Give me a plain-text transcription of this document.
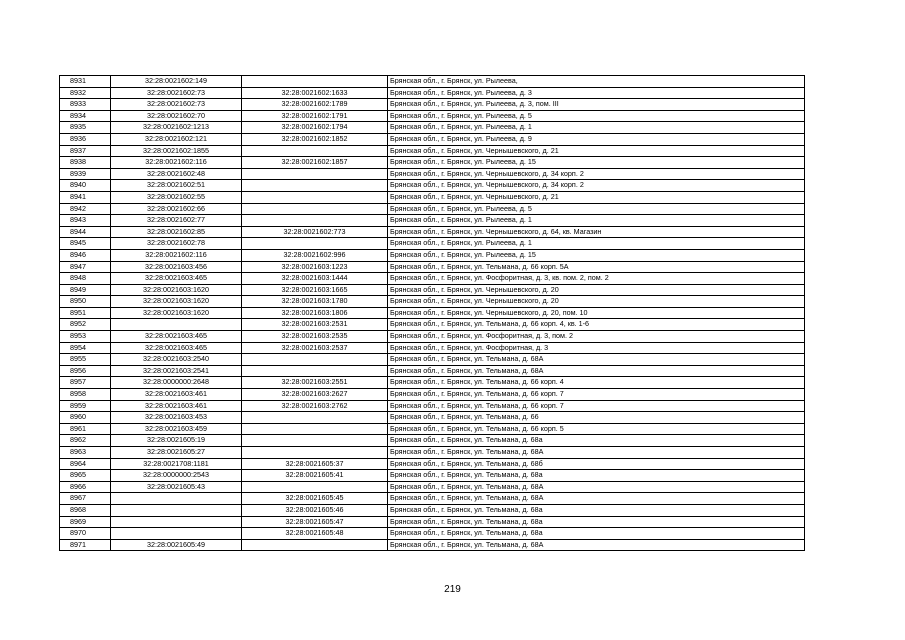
8931	32:28:0021602:149		Брянская обл., г. Брянск, ул. Рылеева,
8932	32:28:0021602:73	32:28:0021602:1633	Брянская обл., г. Брянск, ул. Рылеева, д. 3
8933	32:28:0021602:73	32:28:0021602:1789	Брянская обл., г. Брянск, ул. Рылеева, д. 3, пом. III
8934	32:28:0021602:70	32:28:0021602:1791	Брянская обл., г. Брянск, ул. Рылеева, д. 5
8935	32:28:0021602:1213	32:28:0021602:1794	Брянская обл., г. Брянск, ул. Рылеева, д. 1
8936	32:28:0021602:121	32:28:0021602:1852	Брянская обл., г. Брянск, ул. Рылеева, д. 9
8937	32:28:0021602:1855		Брянская обл., г. Брянск, ул. Чернышевского, д. 21
8938	32:28:0021602:116	32:28:0021602:1857	Брянская обл., г. Брянск, ул. Рылеева, д. 15
8939	32:28:0021602:48		Брянская обл., г. Брянск, ул. Чернышевского, д. 34 корп. 2
8940	32:28:0021602:51		Брянская обл., г. Брянск, ул. Чернышевского, д. 34 корп. 2
8941	32:28:0021602:55		Брянская обл., г. Брянск, ул. Чернышевского, д. 21
8942	32:28:0021602:66		Брянская обл., г. Брянск, ул. Рылеева, д. 5
8943	32:28:0021602:77		Брянская обл., г. Брянск, ул. Рылеева, д. 1
8944	32:28:0021602:85	32:28:0021602:773	Брянская обл., г. Брянск, ул. Чернышевского, д. 64, кв. Магазин
8945	32:28:0021602:78		Брянская обл., г. Брянск, ул. Рылеева, д. 1
8946	32:28:0021602:116	32:28:0021602:996	Брянская обл., г. Брянск, ул. Рылеева, д. 15
8947	32:28:0021603:456	32:28:0021603:1223	Брянская обл., г. Брянск, ул. Тельмана, д. 66 корп. 5А
8948	32:28:0021603:465	32:28:0021603:1444	Брянская обл., г. Брянск, ул. Фосфоритная, д. 3, кв. пом. 2, пом. 2
8949	32:28:0021603:1620	32:28:0021603:1665	Брянская обл., г. Брянск, ул. Чернышевского, д. 20
8950	32:28:0021603:1620	32:28:0021603:1780	Брянская обл., г. Брянск, ул. Чернышевского, д. 20
8951	32:28:0021603:1620	32:28:0021603:1806	Брянская обл., г. Брянск, ул. Чернышевского, д. 20, пом. 10
8952		32:28:0021603:2531	Брянская обл., г. Брянск, ул. Тельмана, д. 66 корп. 4, кв. 1-6
8953	32:28:0021603:465	32:28:0021603:2535	Брянская обл., г. Брянск, ул. Фосфоритная, д. 3, пом. 2
8954	32:28:0021603:465	32:28:0021603:2537	Брянская обл., г. Брянск, ул. Фосфоритная, д. 3
8955	32:28:0021603:2540		Брянская обл., г. Брянск, ул. Тельмана, д. 68А
8956	32:28:0021603:2541		Брянская обл., г. Брянск, ул. Тельмана, д. 68А
8957	32:28:0000000:2648	32:28:0021603:2551	Брянская обл., г. Брянск, ул. Тельмана, д. 66 корп. 4
8958	32:28:0021603:461	32:28:0021603:2627	Брянская обл., г. Брянск, ул. Тельмана, д. 66 корп. 7
8959	32:28:0021603:461	32:28:0021603:2762	Брянская обл., г. Брянск, ул. Тельмана, д. 66 корп. 7
8960	32:28:0021603:453		Брянская обл., г. Брянск, ул. Тельмана, д. 66
8961	32:28:0021603:459		Брянская обл., г. Брянск, ул. Тельмана, д. 66 корп. 5
8962	32:28:0021605:19		Брянская обл., г. Брянск, ул. Тельмана, д. 68а
8963	32:28:0021605:27		Брянская обл., г. Брянск, ул. Тельмана, д. 68А
8964	32:28:0021708:1181	32:28:0021605:37	Брянская обл., г. Брянск, ул. Тельмана, д. 68б
8965	32:28:0000000:2543	32:28:0021605:41	Брянская обл., г. Брянск, ул. Тельмана, д. 68а
8966	32:28:0021605:43		Брянская обл., г. Брянск, ул. Тельмана, д. 68А
8967		32:28:0021605:45	Брянская обл., г. Брянск, ул. Тельмана, д. 68А
8968		32:28:0021605:46	Брянская обл., г. Брянск, ул. Тельмана, д. 68а
8969		32:28:0021605:47	Брянская обл., г. Брянск, ул. Тельмана, д. 68а
8970		32:28:0021605:48	Брянская обл., г. Брянск, ул. Тельмана, д. 68а
8971	32:28:0021605:49		Брянская обл., г. Брянск, ул. Тельмана, д. 68А
219
